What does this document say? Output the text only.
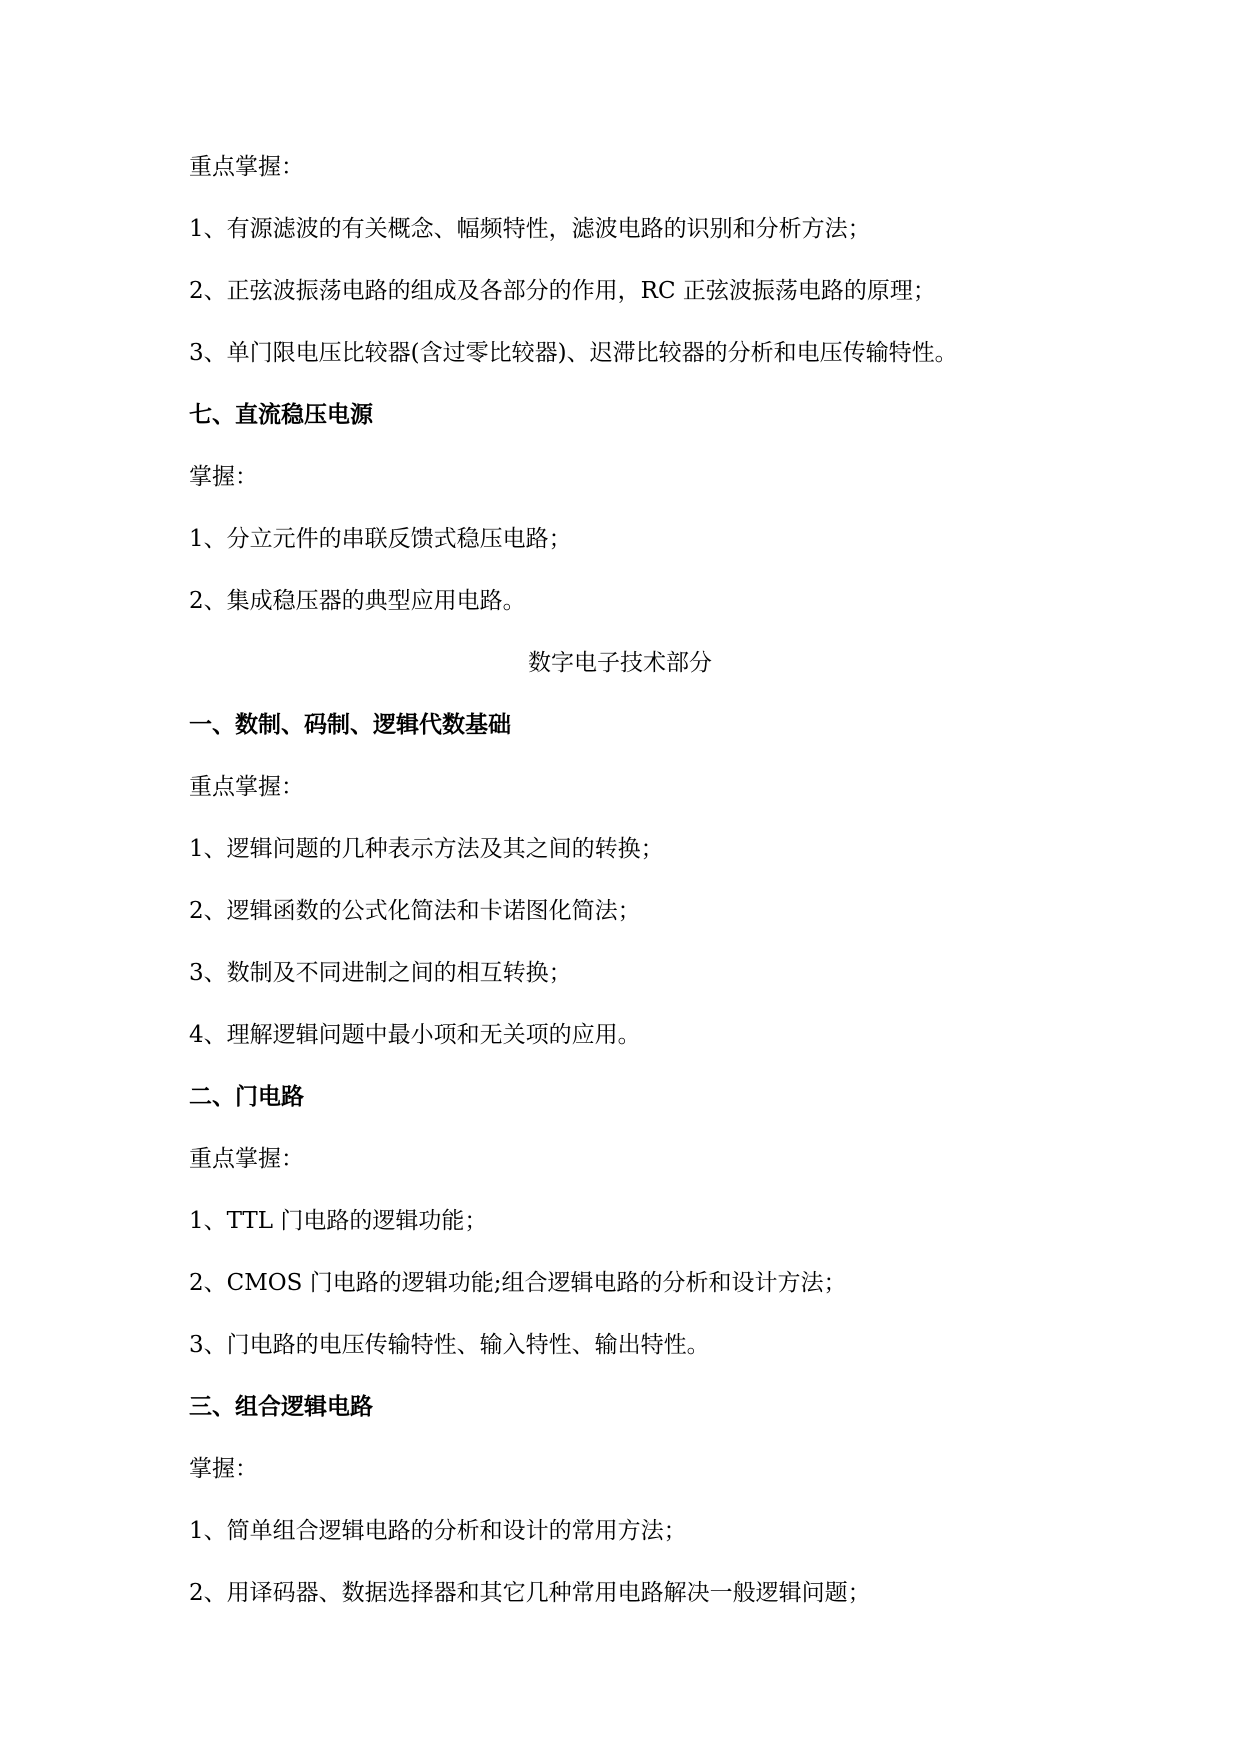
重点掌握：
1、有源滤波的有关概念、幅频特性，滤波电路的识别和分析方法；
2、正弦波振荡电路的组成及各部分的作用，RC 正弦波振荡电路的原理；
3、单门限电压比较器(含过零比较器)、迟滞比较器的分析和电压传输特性。
七、直流稳压电源
掌握：
1、分立元件的串联反馈式稳压电路；
2、集成稳压器的典型应用电路。
数字电子技术部分
一、数制、码制、逻辑代数基础
重点掌握：
1、逻辑问题的几种表示方法及其之间的转换；
2、逻辑函数的公式化简法和卡诺图化简法；
3、数制及不同进制之间的相互转换；
4、理解逻辑问题中最小项和无关项的应用。
二、门电路
重点掌握：
1、TTL 门电路的逻辑功能；
2、CMOS 门电路的逻辑功能;组合逻辑电路的分析和设计方法；
3、门电路的电压传输特性、输入特性、输出特性。
三、组合逻辑电路
掌握：
1、简单组合逻辑电路的分析和设计的常用方法；
2、用译码器、数据选择器和其它几种常用电路解决一般逻辑问题；
